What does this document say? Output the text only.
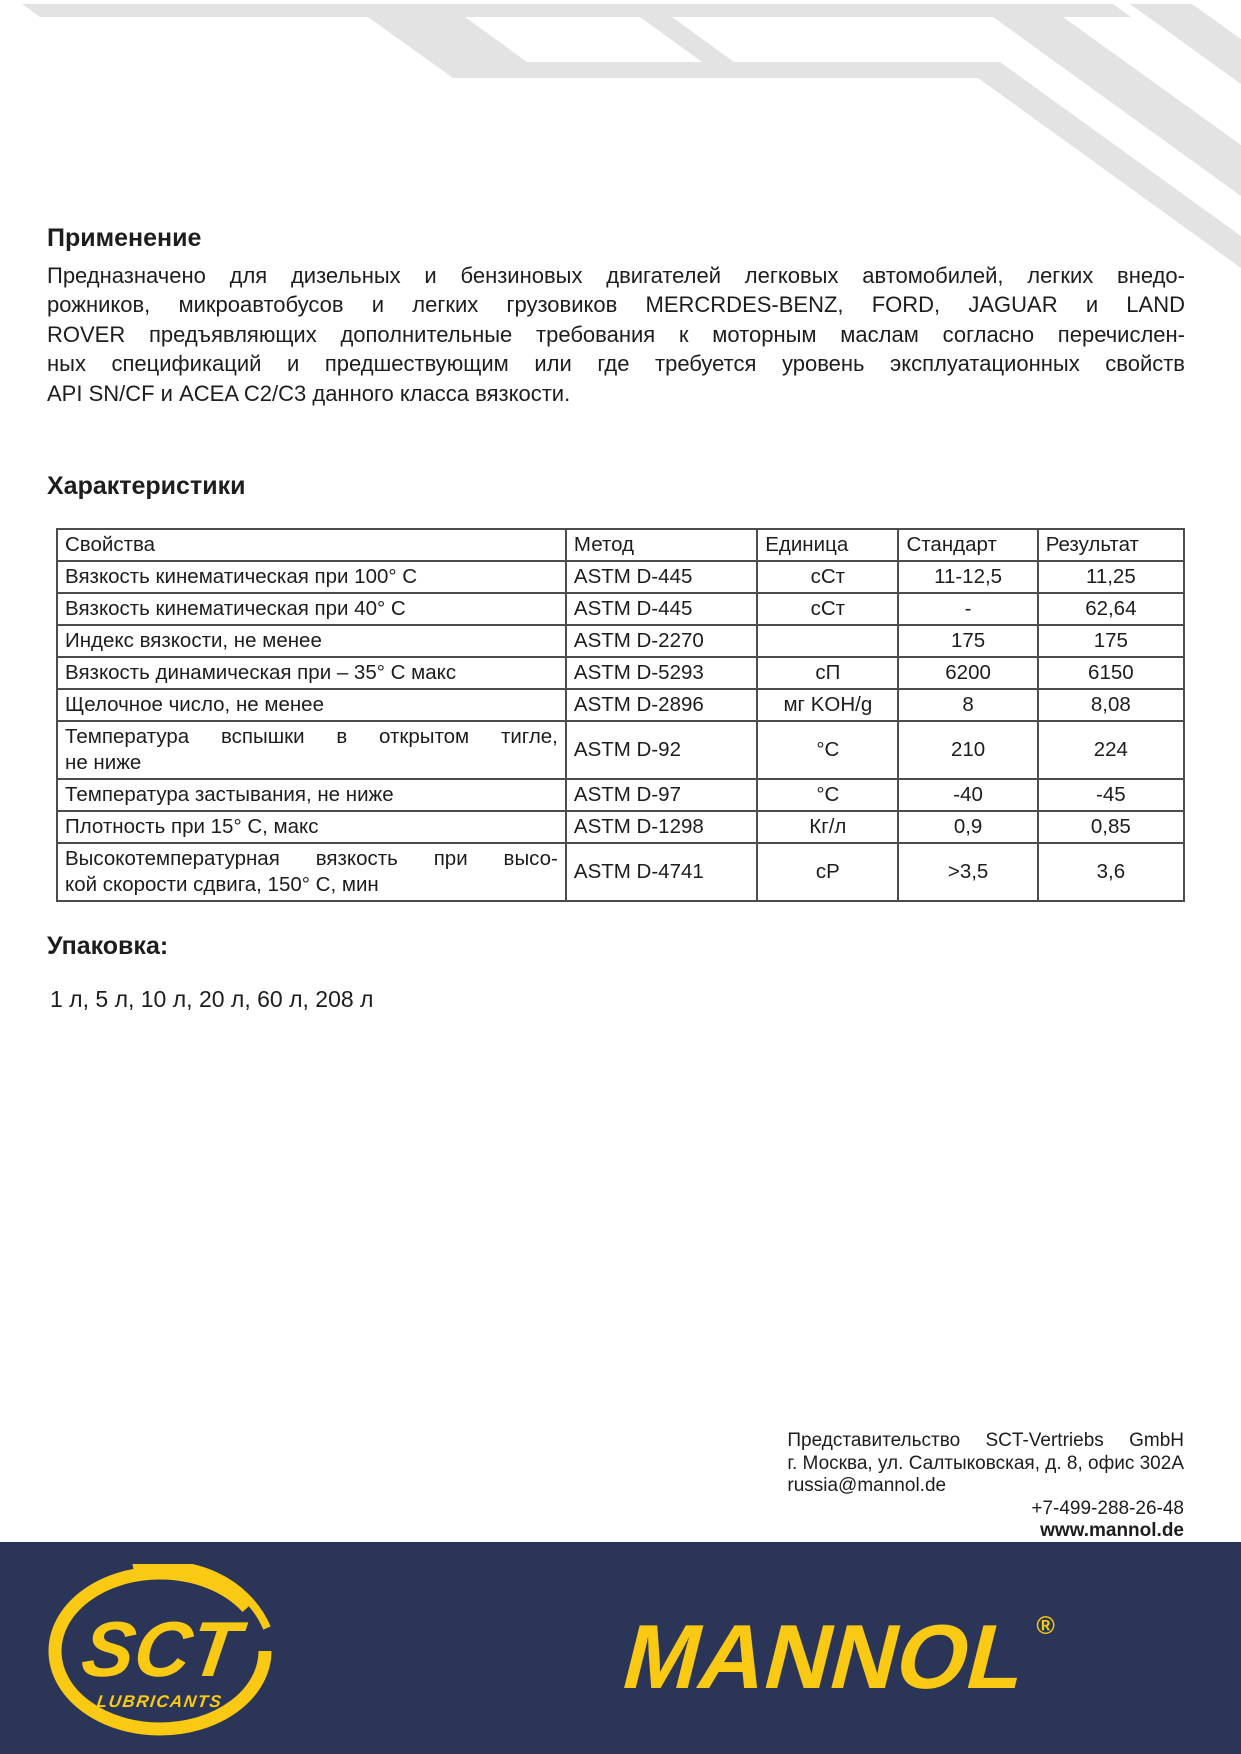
Применение
Предназначено для дизельных и бензиновых двигателей легковых автомобилей, легких внедо-
рожников, микроавтобусов и легких грузовиков MERCRDES-BENZ, FORD, JAGUAR и LAND
ROVER предъявляющих дополнительные требования к моторным маслам согласно перечислен-
ных спецификаций и предшествующим или где требуется уровень эксплуатационных свойств
API SN/CF и ACEA C2/C3 данного класса вязкости.
Характеристики
Свойства	Метод	Единица	Стандарт	Результат
Вязкость кинематическая при 100° C	ASTM D-445	сСт	11-12,5	11,25
Вязкость кинематическая при 40° C	ASTM D-445	сСт	-	62,64
Индекс вязкости, не менее	ASTM D-2270		175	175
Вязкость динамическая при – 35° C макс	ASTM D-5293	сП	6200	6150
Щелочное число, не менее	ASTM D-2896	мг KOH/g	8	8,08

Температура вспышки в открытом тигле,
не ниже	ASTM D-92	°C	210	224
Температура застывания, не ниже	ASTM D-97	°C	-40	-45
Плотность при 15° C, макс	ASTM D-1298	Кг/л	0,9	0,85

Высокотемпературная вязкость при высо-
кой скорости сдвига, 150° C, мин	ASTM D-4741	сР	>3,5	3,6
Упаковка:
1 л, 5 л, 10 л, 20 л, 60 л, 208 л
Представительство SCT-Vertriebs GmbH
г. Москва, ул. Салтыковская, д. 8, офис 302А
russia@mannol.de
+7-499-288-26-48
www.mannol.de
SCT
LUBRICANTS	MANNOL®
